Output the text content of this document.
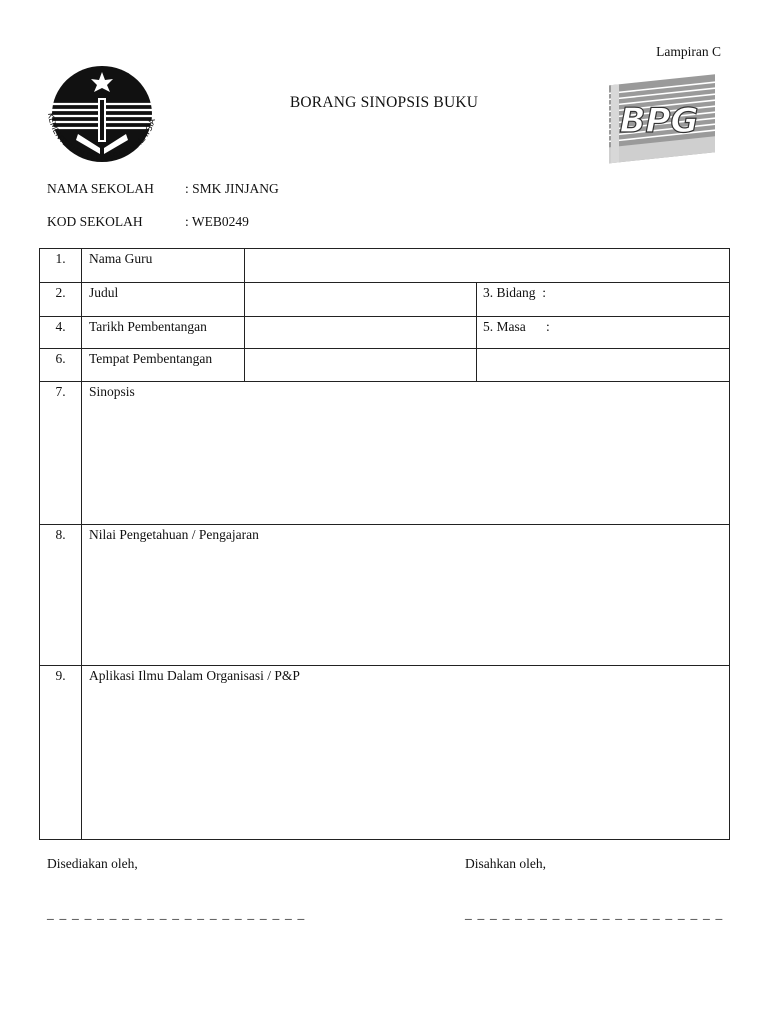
Lampiran C
KEMENTERIAN PELAJARAN MALAYSIA
BORANG SINOPSIS BUKU	BPG
NAMA SEKOLAH : SMK JINJANG
KOD SEKOLAH	: WEB0249
1.	Nama Guru		
2.	Judul		3. Bidang  :
4.	Tarikh Pembentangan		5. Masa      :
6.	Tempat Pembentangan		
7.	Sinopsis		
8.	Nilai Pengetahuan / Pengajaran		
9.	Aplikasi Ilmu Dalam Organisasi / P&P		
Disediakan oleh,	Disahkan oleh,
_ _ _ _ _ _ _ _ _ _ _ _ _ _ _ _ _ _ _ _ _	_ _ _ _ _ _ _ _ _ _ _ _ _ _ _ _ _ _ _ _ _
